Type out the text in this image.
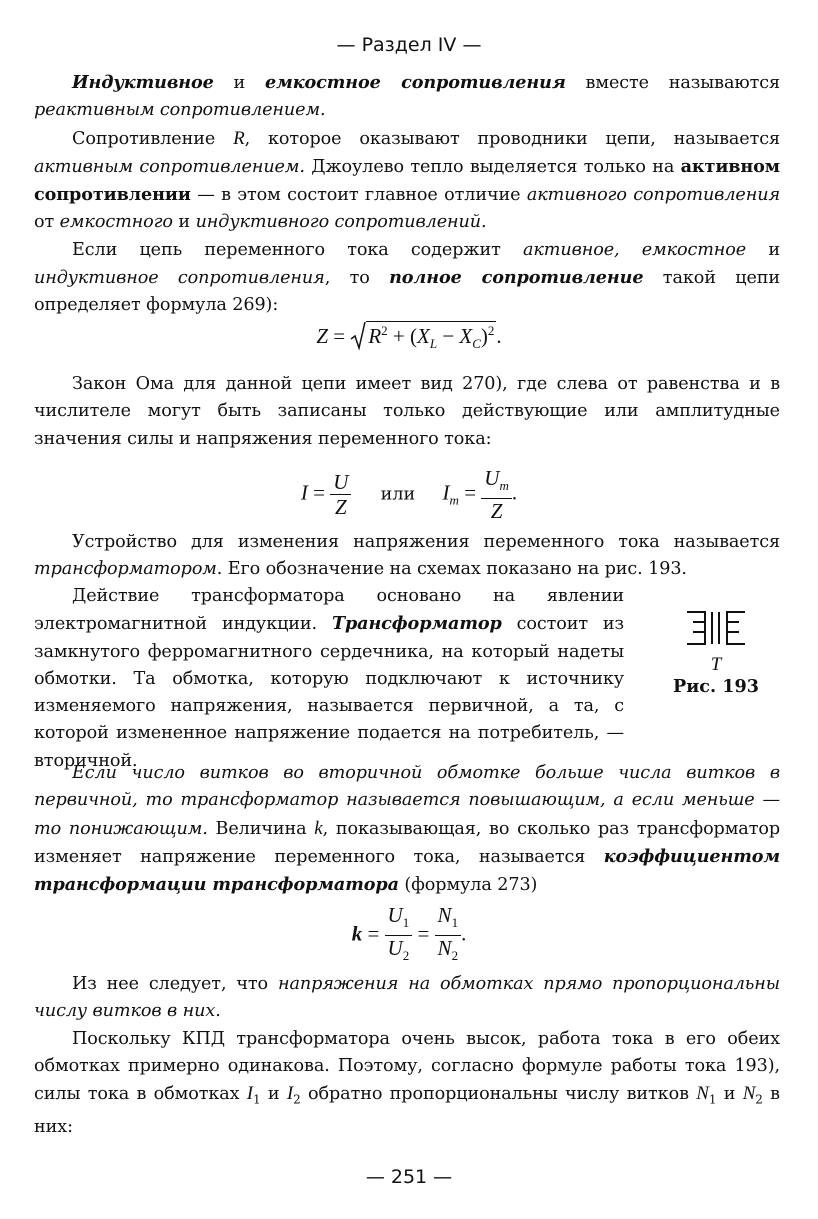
— Раздел IV —

Индуктивное и емкостное сопротивления вместе называются реактивным сопротивлением.

Сопротивление R, которое оказывают проводники цепи, называется активным сопротивлением. Джоулево тепло выделяется только на активном сопротивлении — в этом состоит главное отличие активного сопротивления от емкостного и индуктивного сопротивлений.

Если цепь переменного тока содержит активное, емкостное и индуктивное сопротивления, то полное сопротивление такой цепи определяет формула 269):

$Z = R^2 + (X_L - X_C)^2$.

Закон Ома для данной цепи имеет вид 270), где слева от равенства и в числителе могут быть записаны только действующие или амплитудные значения силы и напряжения переменного тока:

$I = \frac{U}{Z}$ или $I_m = \frac{U_m}{Z}$ .

Устройство для изменения напряжения переменного тока называется трансформатором. Его обозначение на схемах показано на рис. 193.

Действие трансформатора основано на явлении электромагнитной индукции. Трансформатор состоит из замкнутого ферромагнитного сердечника, на который надеты обмотки. Та обмотка, которую подключают к источнику изменяемого напряжения, называется первичной, а та, с которой измененное напряжение подается на потребитель, — вторичной.

T
Рис. 193

Если число витков во вторичной обмотке больше числа витков в первичной, то трансформатор называется повышающим, а если меньше — то понижающим. Величина k, показывающая, во сколько раз трансформатор изменяет напряжение переменного тока, называется коэффициентом трансформации трансформатора (формула 273)

$k = \frac{U_1}{U_2} = \frac{N_1}{N_2}$ .

Из нее следует, что напряжения на обмотках прямо пропорциональны числу витков в них.

Поскольку КПД трансформатора очень высок, работа тока в его обеих обмотках примерно одинакова. Поэтому, согласно формуле работы тока 193), силы тока в обмотках $I_1$ и $I_2$ обратно пропорциональны числу витков $N_1$ и $N_2$ в них:

— 251 —
